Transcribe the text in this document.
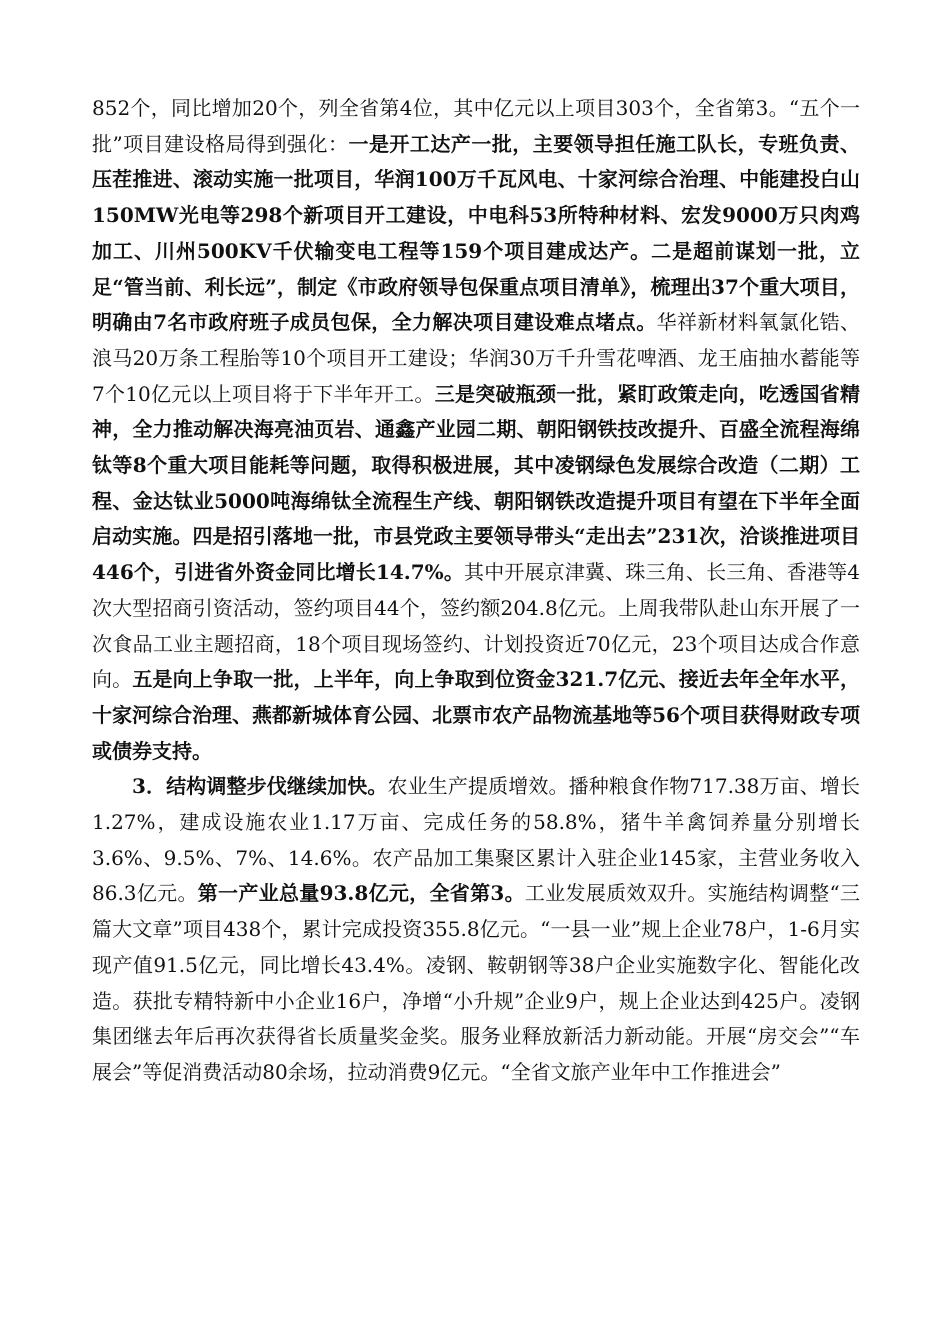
852个，同比增加20个，列全省第4位，其中亿元以上项目303个，全省第3。“五个一批”项目建设格局得到强化：一是开工达产一批，主要领导担任施工队长，专班负责、压茬推进、滚动实施一批项目，华润100万千瓦风电、十家河综合治理、中能建投白山150MW光电等298个新项目开工建设，中电科53所特种材料、宏发9000万只肉鸡加工、川州500KV千伏输变电工程等159个项目建成达产。二是超前谋划一批，立足“管当前、利长远”，制定《市政府领导包保重点项目清单》，梳理出37个重大项目，明确由7名市政府班子成员包保，全力解决项目建设难点堵点。华祥新材料氧氯化锆、浪马20万条工程胎等10个项目开工建设；华润30万千升雪花啤酒、龙王庙抽水蓄能等7个10亿元以上项目将于下半年开工。三是突破瓶颈一批，紧盯政策走向，吃透国省精神，全力推动解决海亮油页岩、通鑫产业园二期、朝阳钢铁技改提升、百盛全流程海绵钛等8个重大项目能耗等问题，取得积极进展，其中凌钢绿色发展综合改造（二期）工程、金达钛业5000吨海绵钛全流程生产线、朝阳钢铁改造提升项目有望在下半年全面启动实施。四是招引落地一批，市县党政主要领导带头“走出去”231次，洽谈推进项目446个，引进省外资金同比增长14.7%。其中开展京津冀、珠三角、长三角、香港等4次大型招商引资活动，签约项目44个，签约额204.8亿元。上周我带队赴山东开展了一次食品工业主题招商，18个项目现场签约、计划投资近70亿元，23个项目达成合作意向。五是向上争取一批，上半年，向上争取到位资金321.7亿元、接近去年全年水平，十家河综合治理、燕都新城体育公园、北票市农产品物流基地等56个项目获得财政专项或债券支持。

3．结构调整步伐继续加快。农业生产提质增效。播种粮食作物717.38万亩、增长1.27%，建成设施农业1.17万亩、完成任务的58.8%，猪牛羊禽饲养量分别增长3.6%、9.5%、7%、14.6%。农产品加工集聚区累计入驻企业145家，主营业务收入86.3亿元。第一产业总量93.8亿元，全省第3。工业发展质效双升。实施结构调整“三篇大文章”项目438个，累计完成投资355.8亿元。“一县一业”规上企业78户，1-6月实现产值91.5亿元，同比增长43.4%。凌钢、鞍朝钢等38户企业实施数字化、智能化改造。获批专精特新中小企业16户，净增“小升规”企业9户，规上企业达到425户。凌钢集团继去年后再次获得省长质量奖金奖。服务业释放新活力新动能。开展“房交会”“车展会”等促消费活动80余场，拉动消费9亿元。“全省文旅产业年中工作推进会”
